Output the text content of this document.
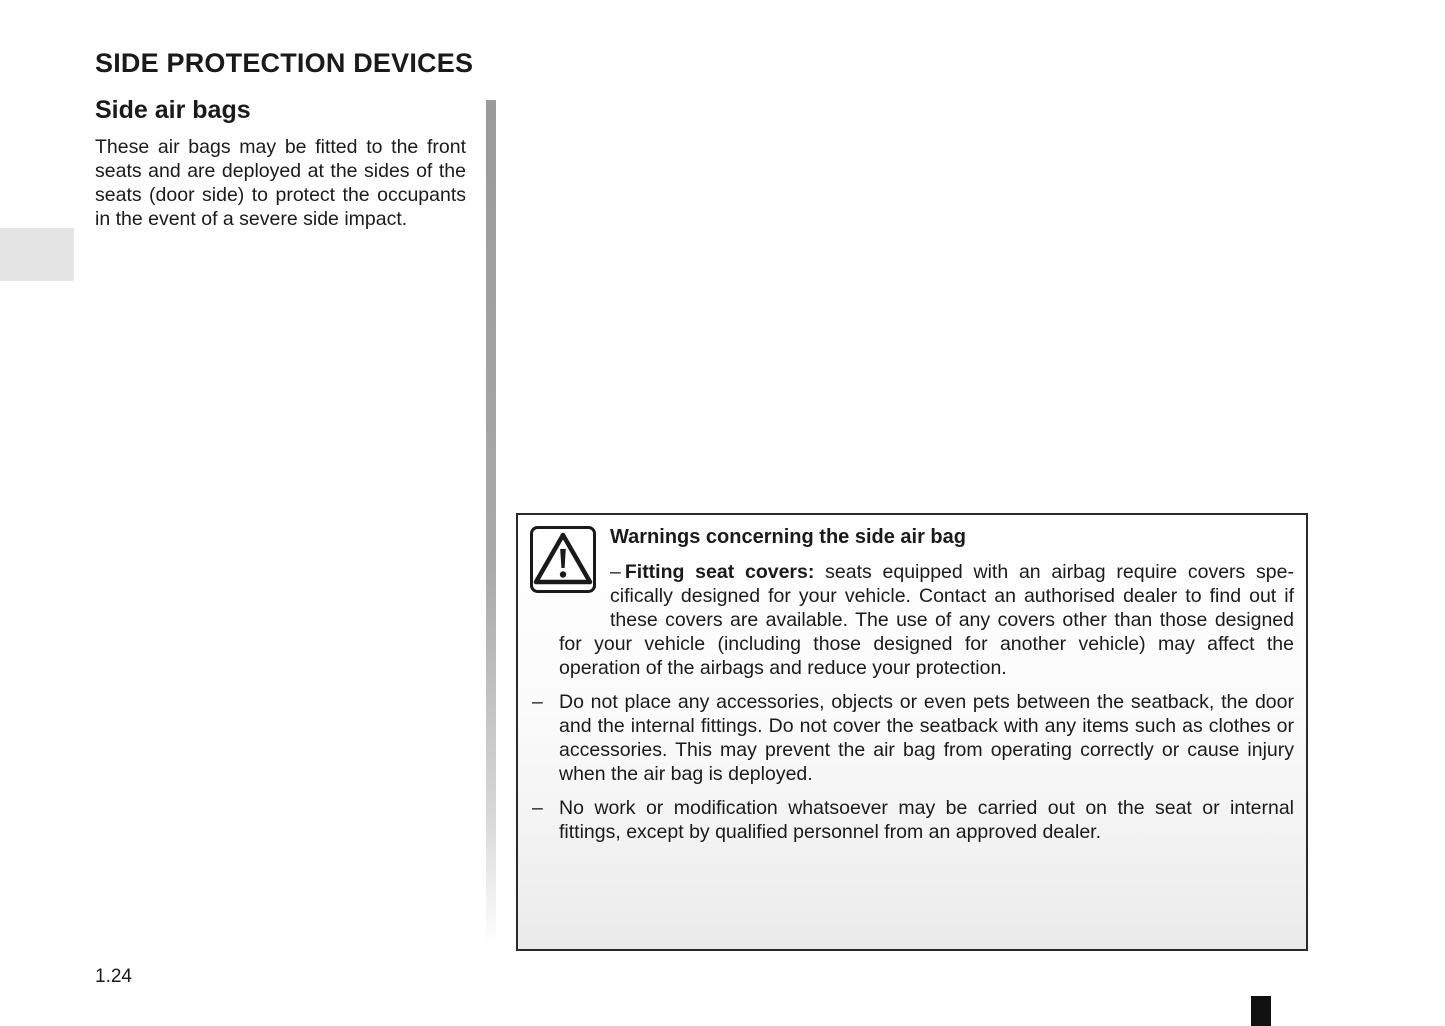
SIDE PROTECTION DEVICES
Side air bags

These air bags may be fitted to the front seats and are deployed at the sides of the seats (door side) to protect the occupants in the event of a severe side impact.

Warnings concerning the side air bag

– Fitting seat covers: seats equipped with an airbag require covers specifically designed for your vehicle. Contact an authorised dealer to find out if these covers are available. The use of any covers other than those designed for your vehicle (including those designed for another vehicle) may affect the operation of the airbags and reduce your protection.

– Do not place any accessories, objects or even pets between the seatback, the door and the internal fittings. Do not cover the seatback with any items such as clothes or accessories. This may prevent the air bag from operating correctly or cause injury when the air bag is deployed.

– No work or modification whatsoever may be carried out on the seat or internal fittings, except by qualified personnel from an approved dealer.

1.24
